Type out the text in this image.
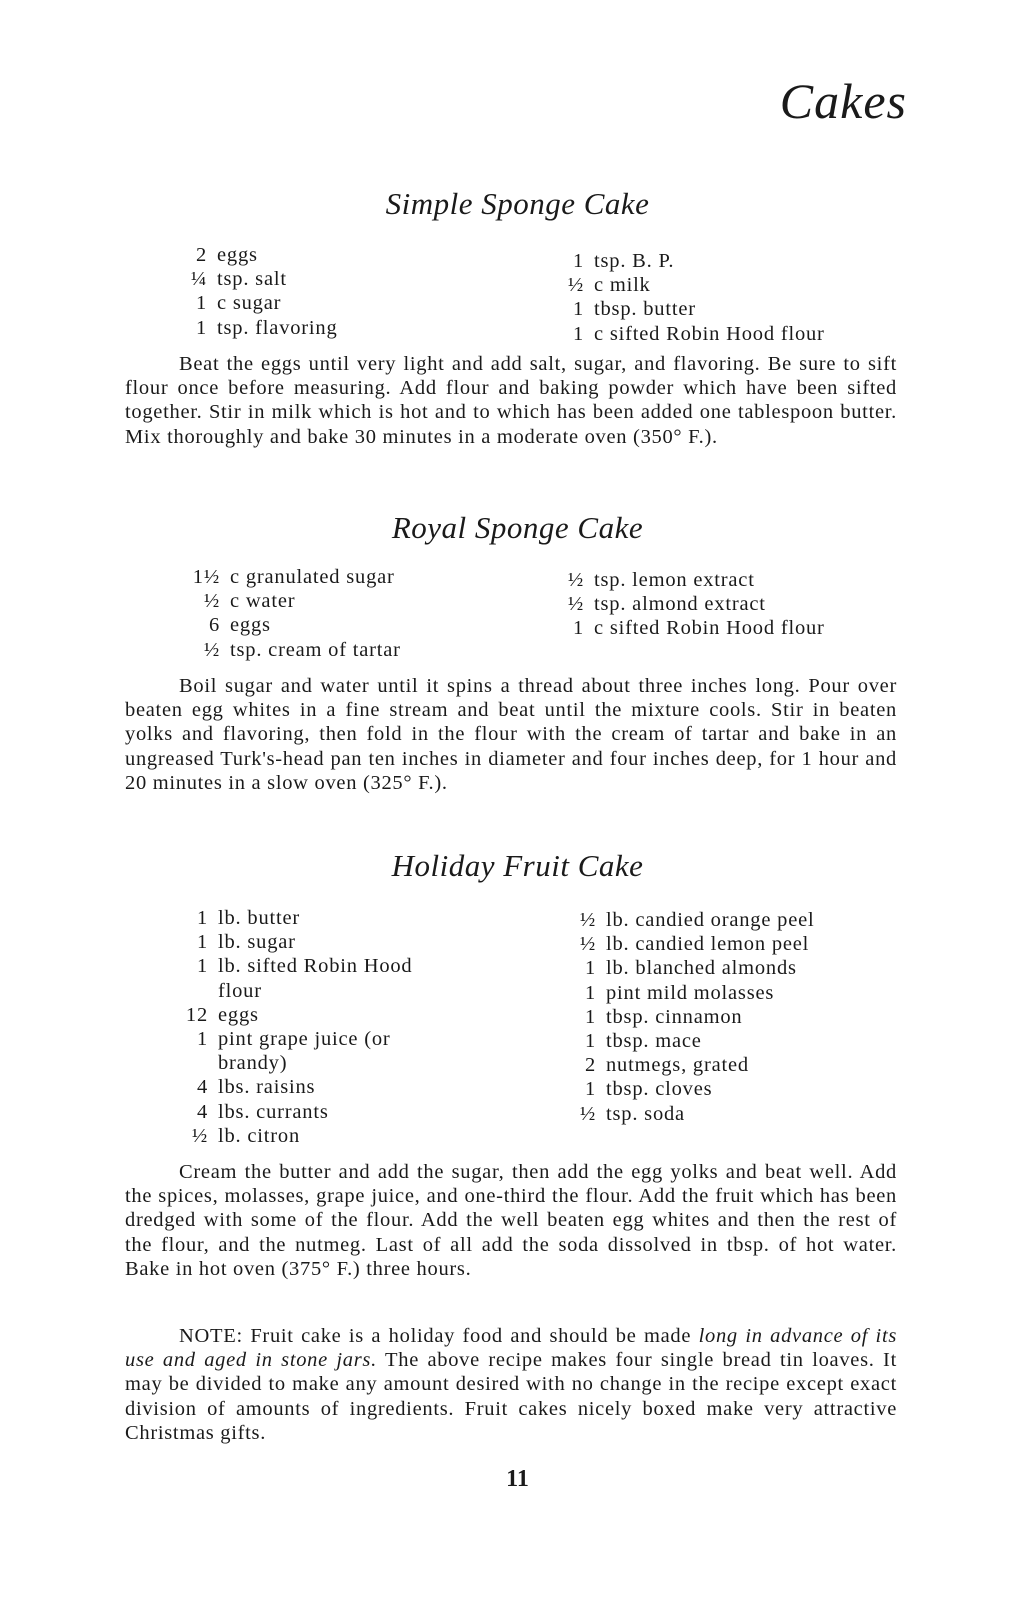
Cakes
Simple Sponge Cake
2 eggs
¼ tsp. salt
1 c sugar
1 tsp. flavoring
1 tsp. B. P.
½ c milk
1 tbsp. butter
1 c sifted Robin Hood flour
Beat the eggs until very light and add salt, sugar, and flavoring. Be sure to sift flour once before measuring. Add flour and baking powder which have been sifted together. Stir in milk which is hot and to which has been added one tablespoon butter. Mix thoroughly and bake 30 minutes in a moderate oven (350° F.).
Royal Sponge Cake
1½ c granulated sugar
½ c water
6 eggs
½ tsp. cream of tartar
½ tsp. lemon extract
½ tsp. almond extract
1 c sifted Robin Hood flour
Boil sugar and water until it spins a thread about three inches long. Pour over beaten egg whites in a fine stream and beat until the mixture cools. Stir in beaten yolks and flavoring, then fold in the flour with the cream of tartar and bake in an ungreased Turk's-head pan ten inches in diameter and four inches deep, for 1 hour and 20 minutes in a slow oven (325° F.).
Holiday Fruit Cake
1 lb. butter
1 lb. sugar
1 lb. sifted Robin Hood
flour
12 eggs
1 pint grape juice (or
brandy)
4 lbs. raisins
4 lbs. currants
½ lb. citron
½ lb. candied orange peel
½ lb. candied lemon peel
1 lb. blanched almonds
1 pint mild molasses
1 tbsp. cinnamon
1 tbsp. mace
2 nutmegs, grated
1 tbsp. cloves
½ tsp. soda
Cream the butter and add the sugar, then add the egg yolks and beat well. Add the spices, molasses, grape juice, and one-third the flour. Add the fruit which has been dredged with some of the flour. Add the well beaten egg whites and then the rest of the flour, and the nutmeg. Last of all add the soda dissolved in tbsp. of hot water. Bake in hot oven (375° F.) three hours.
NOTE: Fruit cake is a holiday food and should be made long in advance of its use and aged in stone jars. The above recipe makes four single bread tin loaves. It may be divided to make any amount desired with no change in the recipe except exact division of amounts of ingredients. Fruit cakes nicely boxed make very attractive Christmas gifts.
11
